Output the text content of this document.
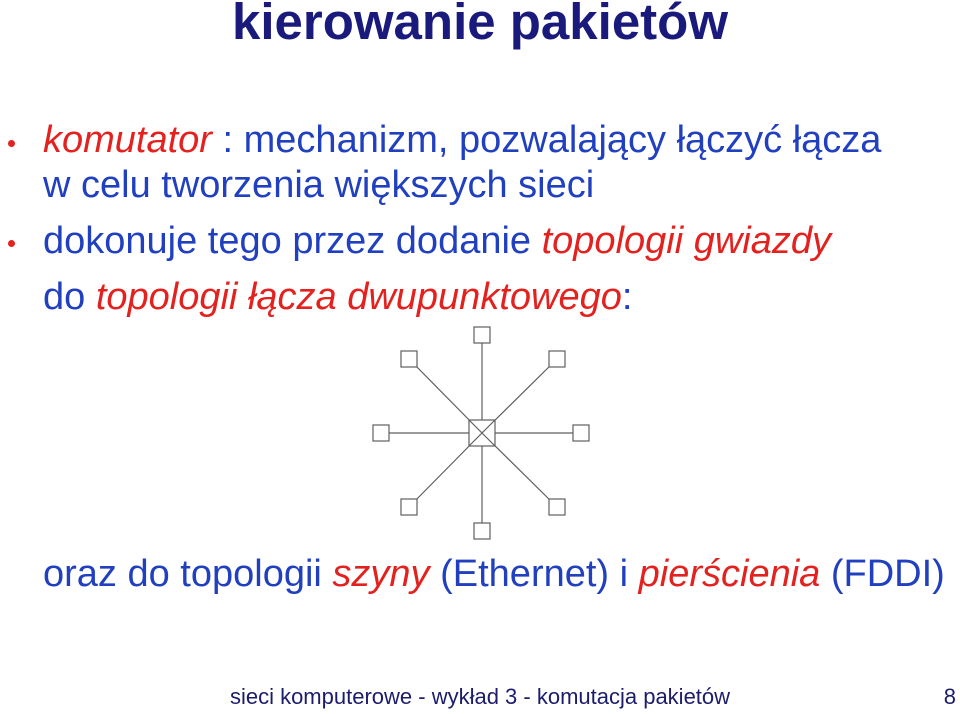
kierowanie pakietów
komutator : mechanizm, pozwalający łączyć łącza
w celu tworzenia większych sieci
dokonuje tego przez dodanie topologii gwiazdy
do topologii łącza dwupunktowego:
oraz do topologii szyny (Ethernet) i pierścienia (FDDI)
sieci komputerowe - wykład 3 - komutacja pakietów	8
